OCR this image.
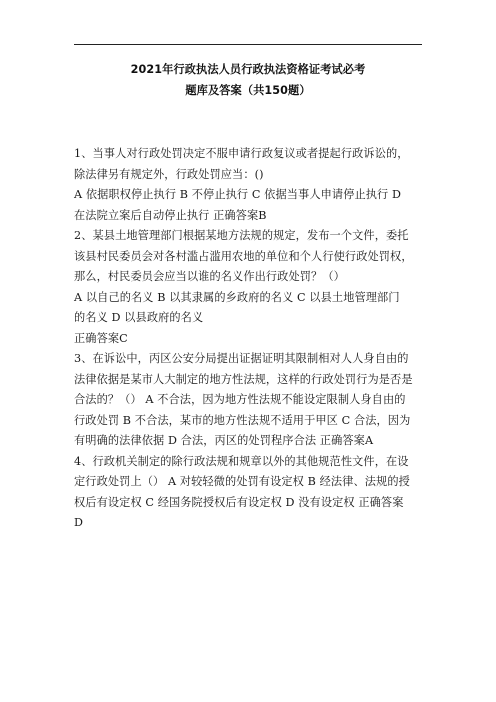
2021年行政执法人员行政执法资格证考试必考
题库及答案（共150题）
1、当事人对行政处罚决定不服申请行政复议或者提起行政诉讼的，
除法律另有规定外，行政处罚应当：()
A 依据职权停止执行 B 不停止执行 C 依据当事人申请停止执行 D
在法院立案后自动停止执行 正确答案B
2、某县土地管理部门根据某地方法规的规定，发布一个文件，委托
该县村民委员会对各村滥占滥用农地的单位和个人行使行政处罚权，
那么，村民委员会应当以谁的名义作出行政处罚？（）
A 以自己的名义 B 以其隶属的乡政府的名义 C 以县土地管理部门
的名义 D 以县政府的名义
正确答案C
3、在诉讼中，丙区公安分局提出证据证明其限制相对人人身自由的
法律依据是某市人大制定的地方性法规，这样的行政处罚行为是否是
合法的？（） A 不合法，因为地方性法规不能设定限制人身自由的
行政处罚 B 不合法，某市的地方性法规不适用于甲区 C 合法，因为
有明确的法律依据 D 合法，丙区的处罚程序合法 正确答案A
4、行政机关制定的除行政法规和规章以外的其他规范性文件，在设
定行政处罚上（） A 对较轻微的处罚有设定权 B 经法律、法规的授
权后有设定权 C 经国务院授权后有设定权 D 没有设定权 正确答案
D
